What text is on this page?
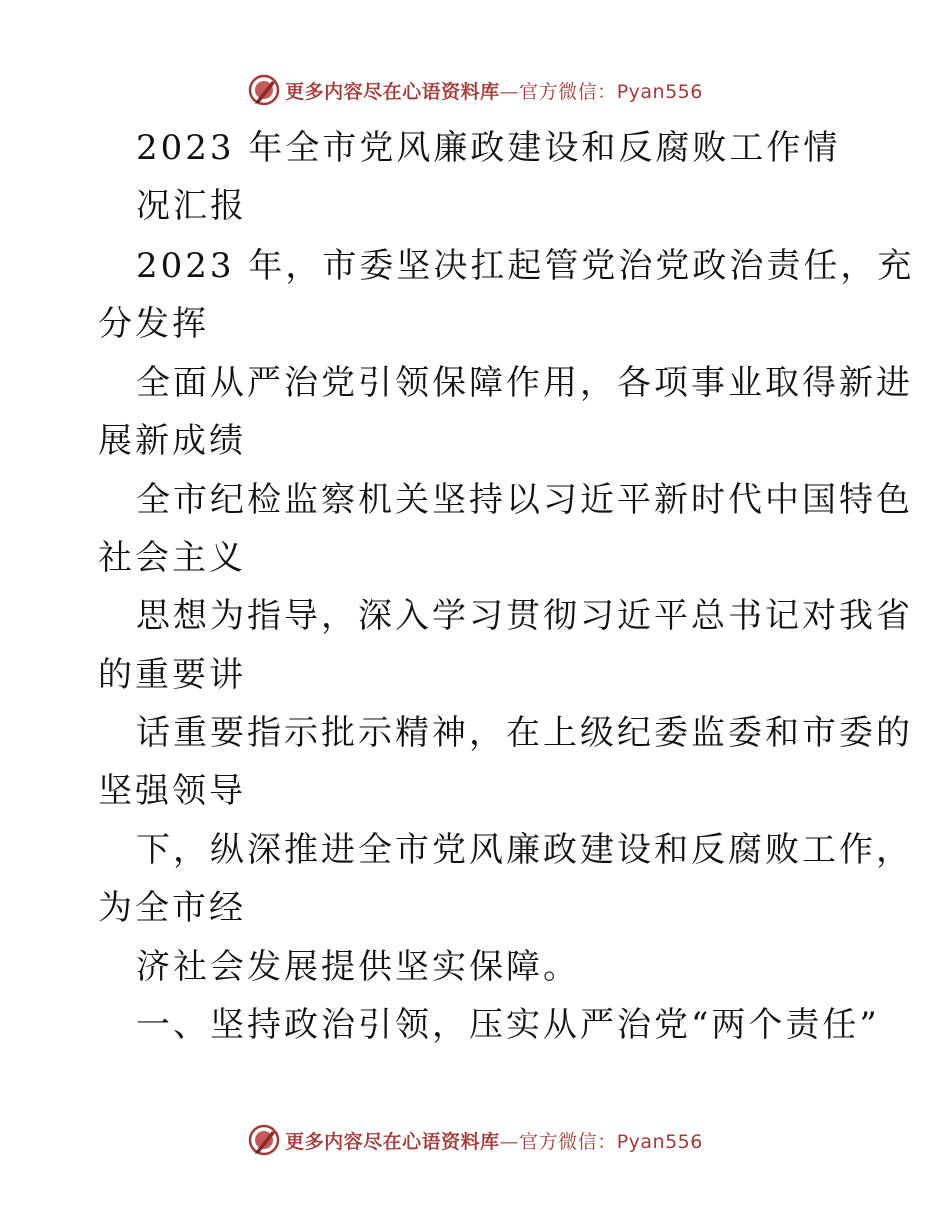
更多内容尽在心语资料库—官方微信：Pyan556
2023 年全市党风廉政建设和反腐败工作情
况汇报
2023 年，市委坚决扛起管党治党政治责任，充
分发挥
全面从严治党引领保障作用，各项事业取得新进
展新成绩
全市纪检监察机关坚持以习近平新时代中国特色
社会主义
思想为指导，深入学习贯彻习近平总书记对我省
的重要讲
话重要指示批示精神，在上级纪委监委和市委的
坚强领导
下，纵深推进全市党风廉政建设和反腐败工作，
为全市经
济社会发展提供坚实保障。
一、坚持政治引领，压实从严治党“两个责任”
更多内容尽在心语资料库—官方微信：Pyan556
